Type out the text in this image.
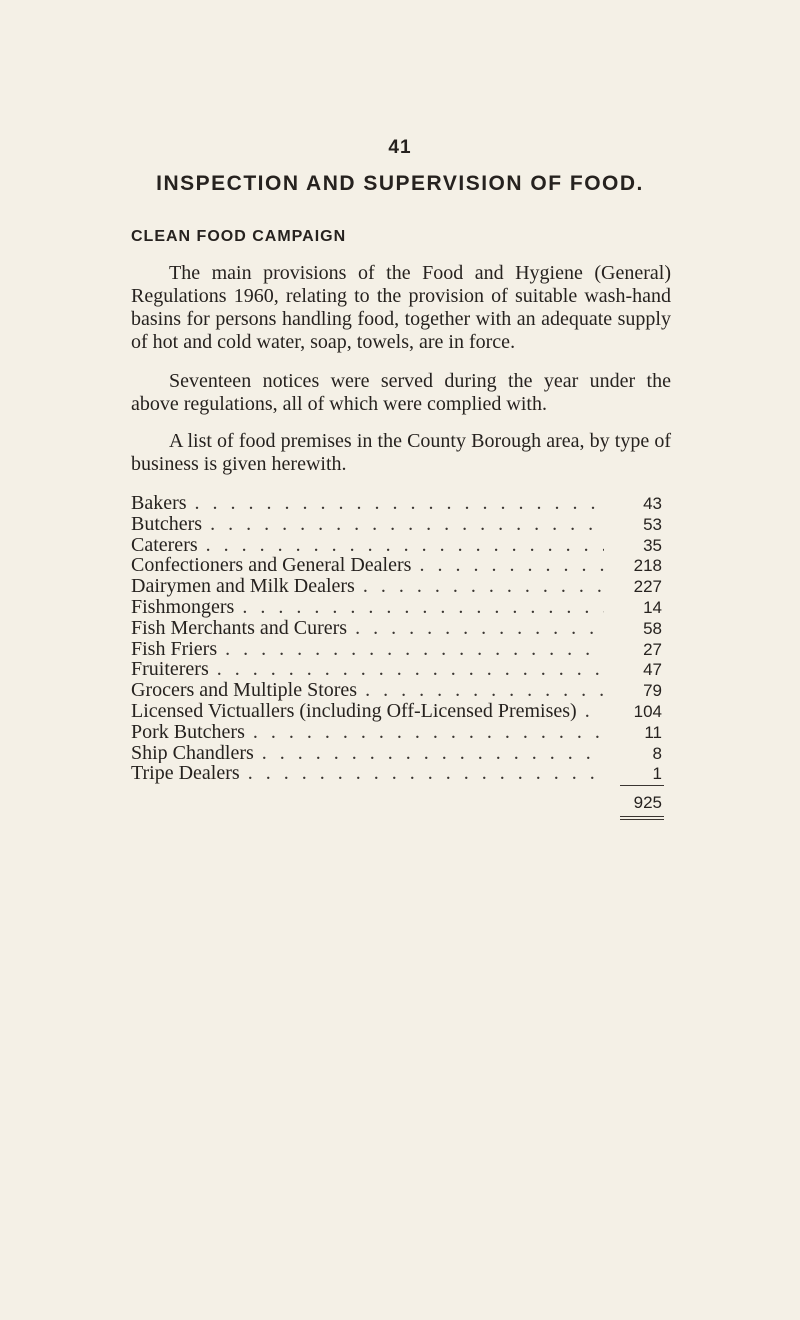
41
INSPECTION AND SUPERVISION OF FOOD.
CLEAN FOOD CAMPAIGN

The main provisions of the Food and Hygiene (General) Regulations 1960, relating to the provision of suitable wash-hand basins for persons handling food, together with an adequate supply of hot and cold water, soap, towels, are in force.

Seventeen notices were served during the year under the above regulations, all of which were complied with.

A list of food premises in the County Borough area, by type of business is given herewith.

Bakers . . .	43
Butchers . . .	53
Caterers . . .	35
Confectioners and General Dealers . . .	218
Dairymen and Milk Dealers . . .	227
Fishmongers . . .	14
Fish Merchants and Curers . . .	58
Fish Friers . . .	27
Fruiterers . . .	47
Grocers and Multiple Stores . . .	79
Licensed Victuallers (including Off-Licensed Premises) . . .	104
Pork Butchers . . .	11
Ship Chandlers . . .	8
Tripe Dealers . . .	1
925
